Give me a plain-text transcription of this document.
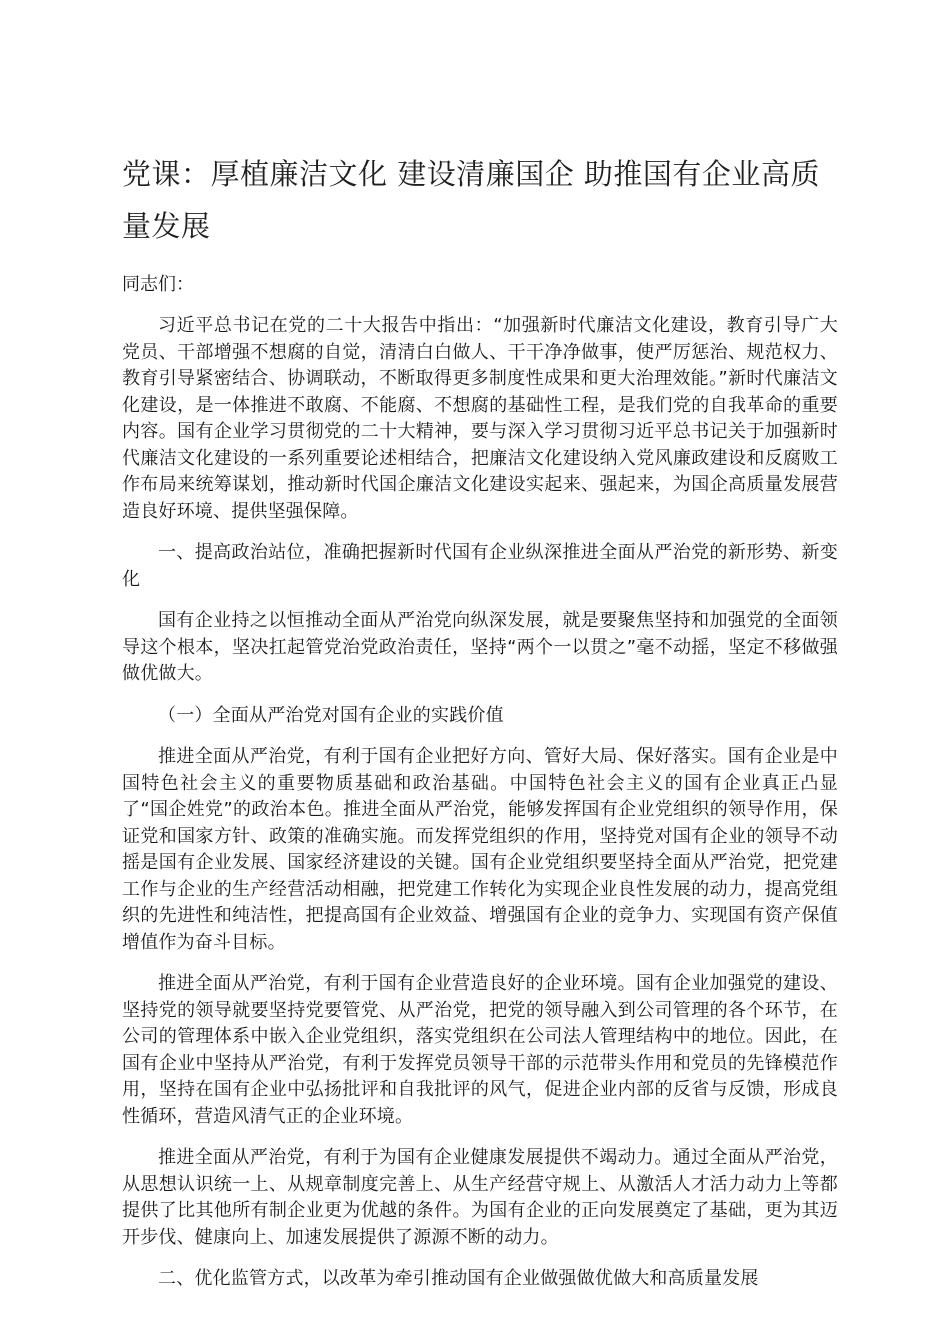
党课：厚植廉洁文化 建设清廉国企 助推国有企业高质量发展

同志们：

习近平总书记在党的二十大报告中指出：“加强新时代廉洁文化建设，教育引导广大党员、干部增强不想腐的自觉，清清白白做人、干干净净做事，使严厉惩治、规范权力、教育引导紧密结合、协调联动，不断取得更多制度性成果和更大治理效能。”新时代廉洁文化建设，是一体推进不敢腐、不能腐、不想腐的基础性工程，是我们党的自我革命的重要内容。国有企业学习贯彻党的二十大精神，要与深入学习贯彻习近平总书记关于加强新时代廉洁文化建设的一系列重要论述相结合，把廉洁文化建设纳入党风廉政建设和反腐败工作布局来统筹谋划，推动新时代国企廉洁文化建设实起来、强起来，为国企高质量发展营造良好环境、提供坚强保障。

一、提高政治站位，准确把握新时代国有企业纵深推进全面从严治党的新形势、新变化

国有企业持之以恒推动全面从严治党向纵深发展，就是要聚焦坚持和加强党的全面领导这个根本，坚决扛起管党治党政治责任，坚持“两个一以贯之”毫不动摇，坚定不移做强做优做大。

（一）全面从严治党对国有企业的实践价值

推进全面从严治党，有利于国有企业把好方向、管好大局、保好落实。国有企业是中国特色社会主义的重要物质基础和政治基础。中国特色社会主义的国有企业真正凸显了“国企姓党”的政治本色。推进全面从严治党，能够发挥国有企业党组织的领导作用，保证党和国家方针、政策的准确实施。而发挥党组织的作用，坚持党对国有企业的领导不动摇是国有企业发展、国家经济建设的关键。国有企业党组织要坚持全面从严治党，把党建工作与企业的生产经营活动相融，把党建工作转化为实现企业良性发展的动力，提高党组织的先进性和纯洁性，把提高国有企业效益、增强国有企业的竞争力、实现国有资产保值增值作为奋斗目标。

推进全面从严治党，有利于国有企业营造良好的企业环境。国有企业加强党的建设、坚持党的领导就要坚持党要管党、从严治党，把党的领导融入到公司管理的各个环节，在公司的管理体系中嵌入企业党组织，落实党组织在公司法人管理结构中的地位。因此，在国有企业中坚持从严治党，有利于发挥党员领导干部的示范带头作用和党员的先锋模范作用，坚持在国有企业中弘扬批评和自我批评的风气，促进企业内部的反省与反馈，形成良性循环，营造风清气正的企业环境。

推进全面从严治党，有利于为国有企业健康发展提供不竭动力。通过全面从严治党，从思想认识统一上、从规章制度完善上、从生产经营守规上、从激活人才活力动力上等都提供了比其他所有制企业更为优越的条件。为国有企业的正向发展奠定了基础，更为其迈开步伐、健康向上、加速发展提供了源源不断的动力。

二、优化监管方式，以改革为牵引推动国有企业做强做优做大和高质量发展
